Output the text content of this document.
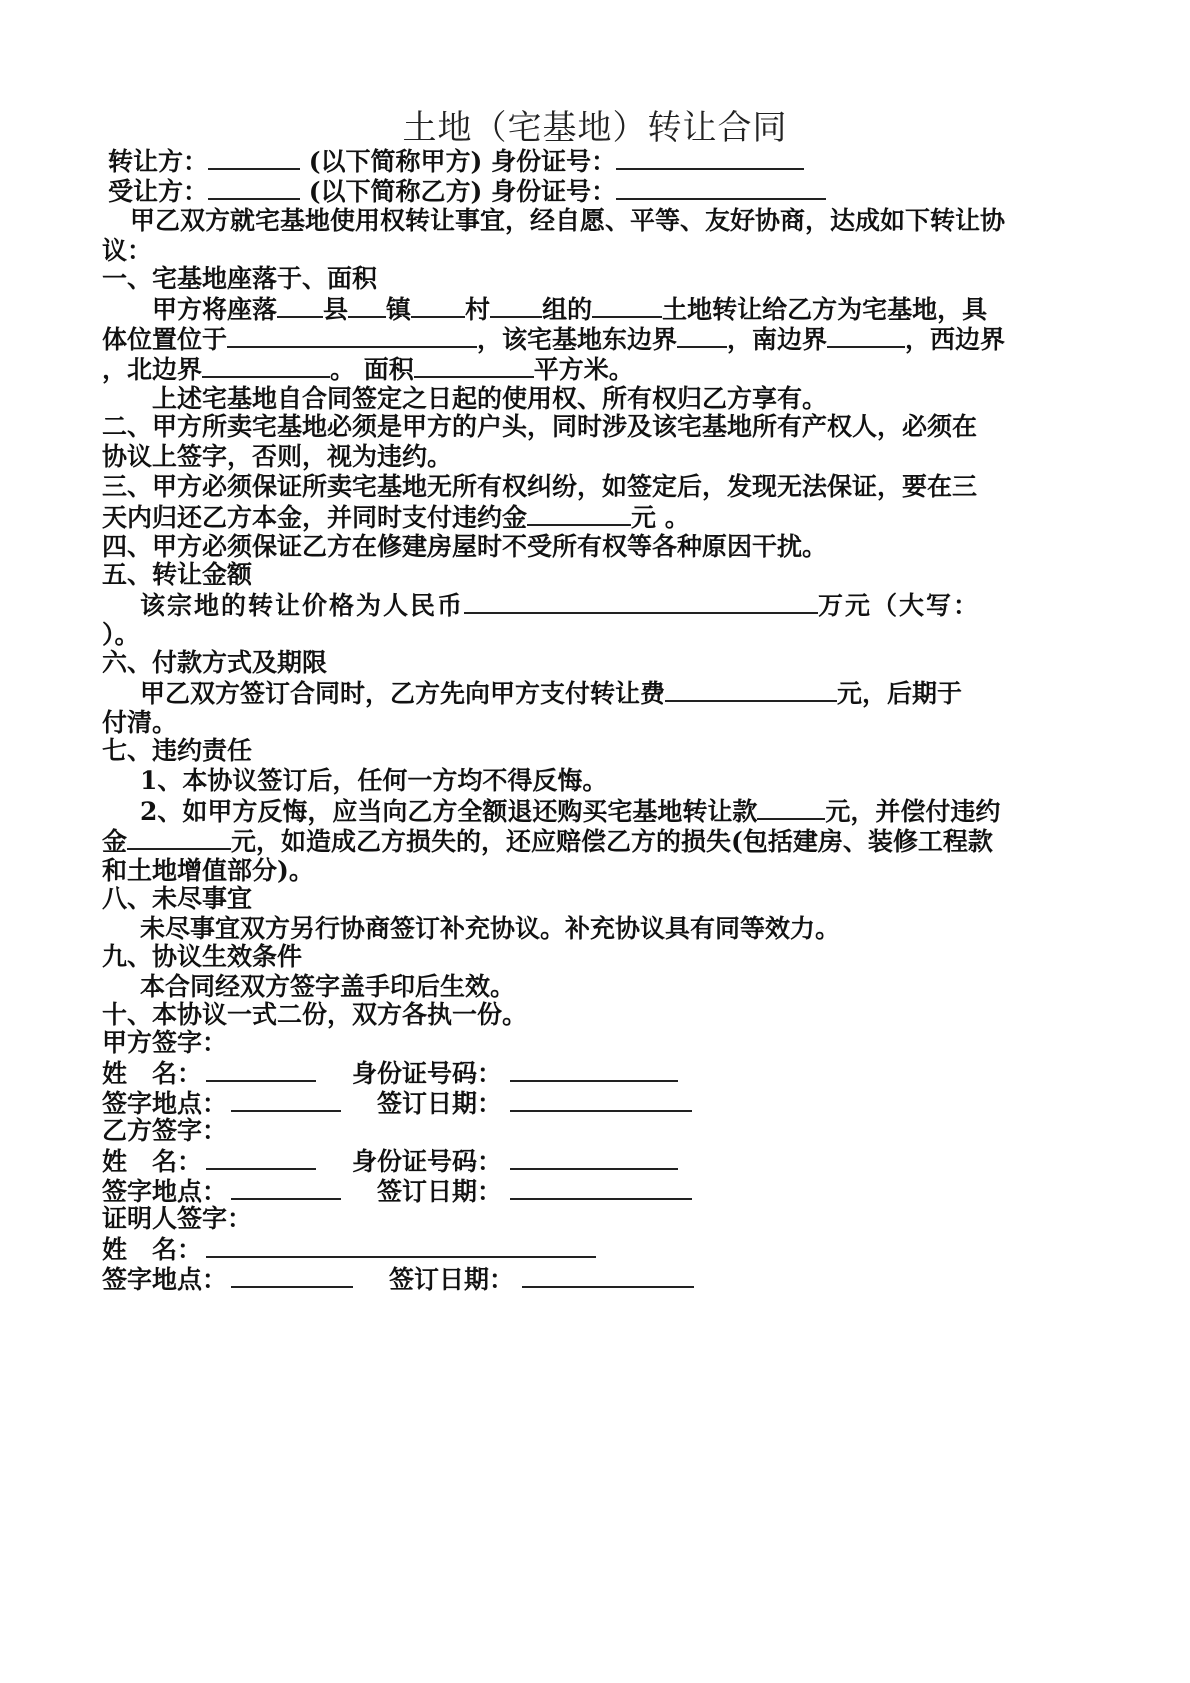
土地（宅基地）转让合同
转让方：	(以下简称甲方) 身份证号：
受让方：	(以下简称乙方) 身份证号：
甲乙双方就宅基地使用权转让事宜，经自愿、平等、友好协商，达成如下转让协
议：
一、宅基地座落于、面积
甲方将座落 县 镇 村 组的	土地转让给乙方为宅基地，具
体位置位于	，该宅基地东边界 ，南边界	，西边界
，北边界	。 面积	平方米。
上述宅基地自合同签定之日起的使用权、所有权归乙方享有。
二、甲方所卖宅基地必须是甲方的户头，同时涉及该宅基地所有产权人，必须在
协议上签字，否则，视为违约。
三、甲方必须保证所卖宅基地无所有权纠纷，如签定后，发现无法保证，要在三
天内归还乙方本金，并同时支付违约金	元 。
四、甲方必须保证乙方在修建房屋时不受所有权等各种原因干扰。
五、转让金额
该宗地的转让价格为人民币	万元（大写：
）。
六、付款方式及期限
甲乙双方签订合同时，乙方先向甲方支付转让费	元，后期于
付清。
七、违约责任
1、本协议签订后，任何一方均不得反悔。
2、如甲方反悔，应当向乙方全额退还购买宅基地转让款	元，并偿付违约
金	元，如造成乙方损失的，还应赔偿乙方的损失(包括建房、装修工程款
和土地增值部分)。
八、未尽事宜
未尽事宜双方另行协商签订补充协议。补充协议具有同等效力。
九、协议生效条件
本合同经双方签字盖手印后生效。
十、本协议一式二份，双方各执一份。
甲方签字：
姓　名：	身份证号码：
签字地点：	签订日期：
乙方签字：
姓　名：	身份证号码：
签字地点：	签订日期：
证明人签字：
姓　名：
签字地点：	签订日期：
